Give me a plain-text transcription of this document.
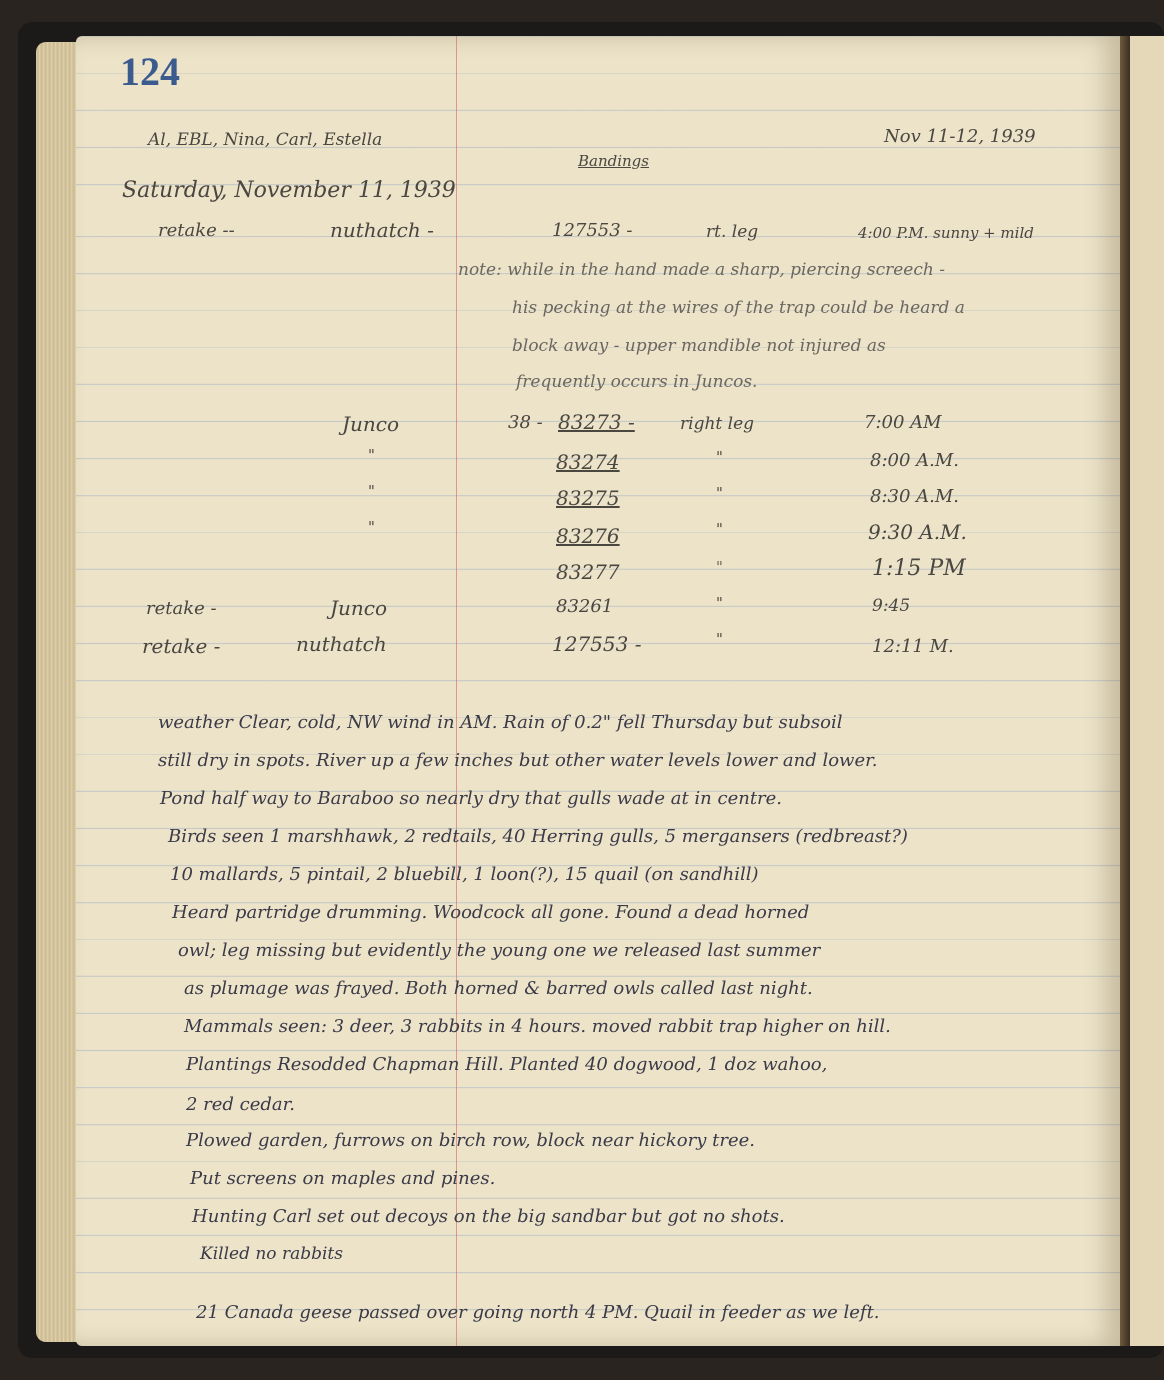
124
Al, EBL, Nina, Carl, Estella
Bandings
Nov 11-12, 1939
Saturday, November 11, 1939
retake --	nuthatch -	127553 -	rt. leg	4:00 P.M. sunny + mild
note: while in the hand made a sharp, piercing screech -
his pecking at the wires of the trap could be heard a
block away - upper mandible not injured as
frequently occurs in Juncos.
Junco	38 - 83273 -	right leg	7:00 AM
"	83274	"	8:00 A.M.
"	83275	"	8:30 A.M.
"	83276	"	9:30 A.M.
83277	"	1:15 PM
retake -	Junco	83261	"	9:45
retake -	nuthatch	127553 -	"	12:11 M.
weather Clear, cold, NW wind in AM. Rain of 0.2" fell Thursday but subsoil
still dry in spots. River up a few inches but other water levels lower and lower.
Pond half way to Baraboo so nearly dry that gulls wade at in centre.
Birds seen 1 marshhawk, 2 redtails, 40 Herring gulls, 5 mergansers (redbreast?)
10 mallards, 5 pintail, 2 bluebill, 1 loon(?), 15 quail (on sandhill)
Heard partridge drumming. Woodcock all gone. Found a dead horned
owl; leg missing but evidently the young one we released last summer
as plumage was frayed. Both horned & barred owls called last night.
Mammals seen: 3 deer, 3 rabbits in 4 hours. moved rabbit trap higher on hill.
Plantings Resodded Chapman Hill. Planted 40 dogwood, 1 doz wahoo,
2 red cedar.
Plowed garden, furrows on birch row, block near hickory tree.
Put screens on maples and pines.
Hunting Carl set out decoys on the big sandbar but got no shots.
Killed no rabbits
21 Canada geese passed over going north 4 PM. Quail in feeder as we left.
